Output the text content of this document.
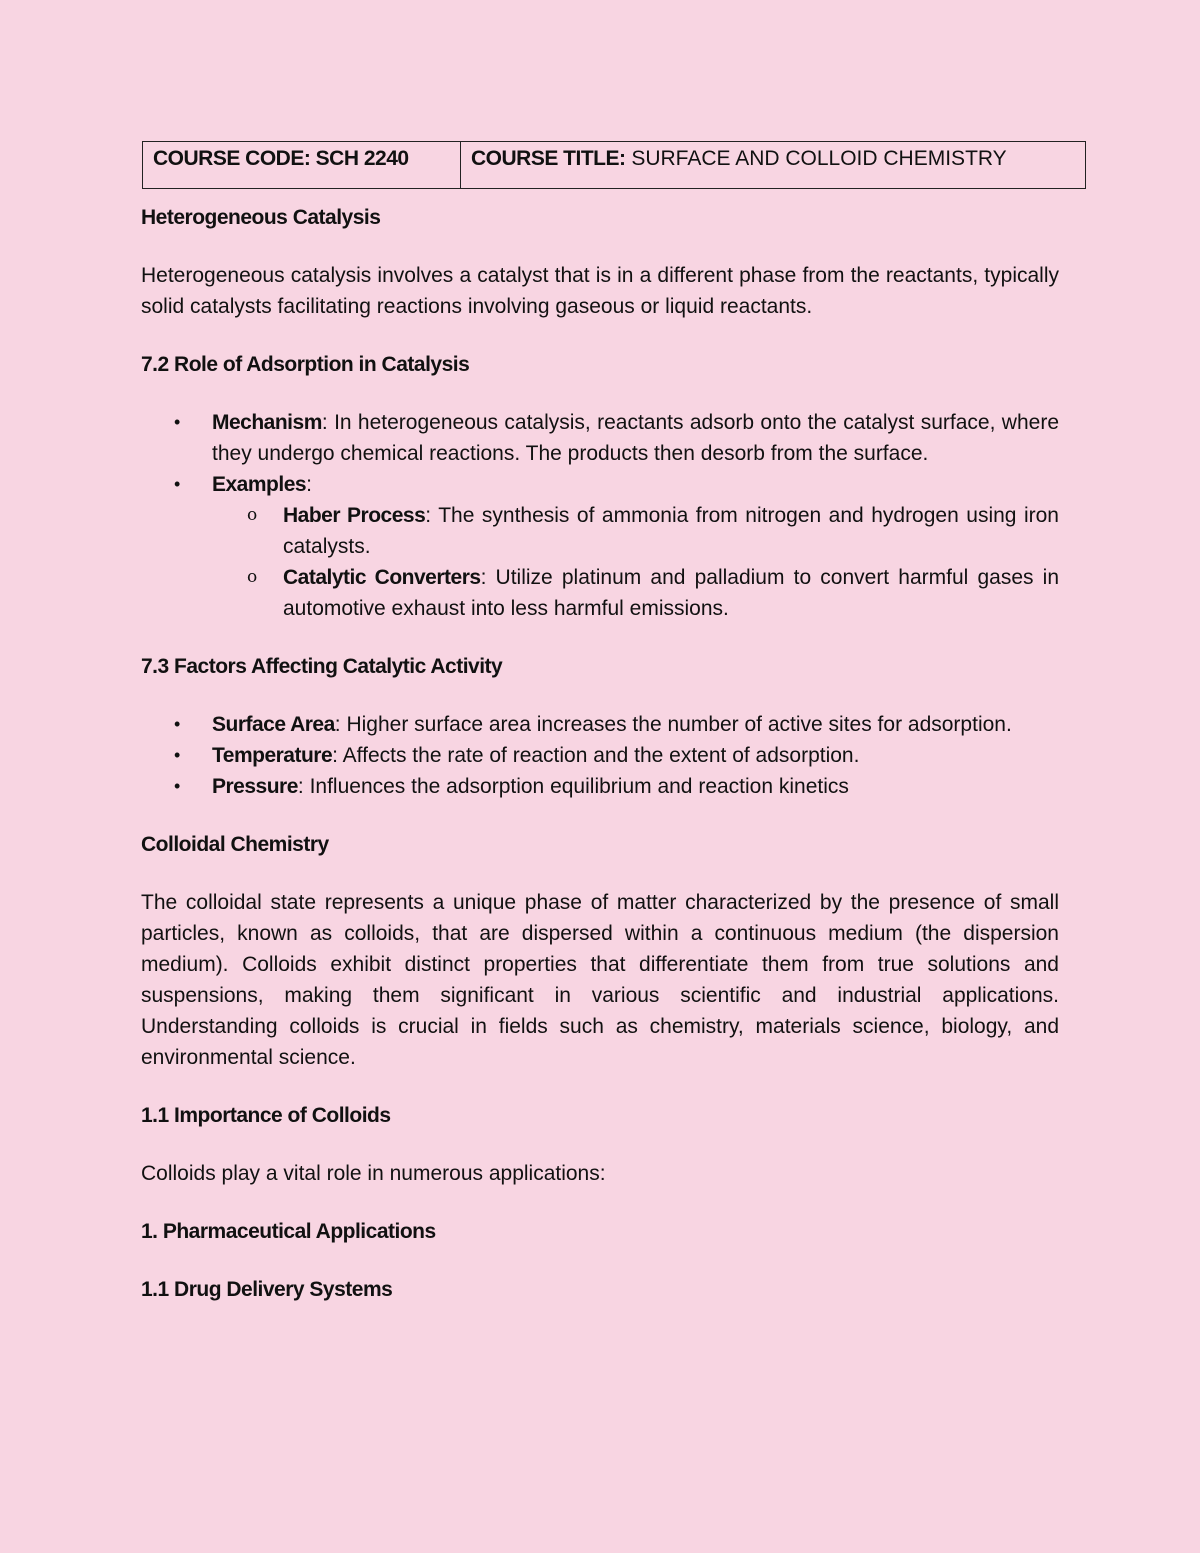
COURSE CODE: SCH 2240	COURSE TITLE: SURFACE AND COLLOID CHEMISTRY
Heterogeneous Catalysis

Heterogeneous catalysis involves a catalyst that is in a different phase from the reactants, typically solid catalysts facilitating reactions involving gaseous or liquid reactants.

7.2 Role of Adsorption in Catalysis
• Mechanism: In heterogeneous catalysis, reactants adsorb onto the catalyst surface, where they undergo chemical reactions. The products then desorb from the surface.
• Examples:
o Haber Process: The synthesis of ammonia from nitrogen and hydrogen using iron catalysts.
o Catalytic Converters: Utilize platinum and palladium to convert harmful gases in automotive exhaust into less harmful emissions.
7.3 Factors Affecting Catalytic Activity
• Surface Area: Higher surface area increases the number of active sites for adsorption.
• Temperature: Affects the rate of reaction and the extent of adsorption.
• Pressure: Influences the adsorption equilibrium and reaction kinetics
Colloidal Chemistry

The colloidal state represents a unique phase of matter characterized by the presence of small particles, known as colloids, that are dispersed within a continuous medium (the dispersion medium). Colloids exhibit distinct properties that differentiate them from true solutions and suspensions, making them significant in various scientific and industrial applications. Understanding colloids is crucial in fields such as chemistry, materials science, biology, and environmental science.

1.1 Importance of Colloids

Colloids play a vital role in numerous applications:

1. Pharmaceutical Applications
1.1 Drug Delivery Systems
